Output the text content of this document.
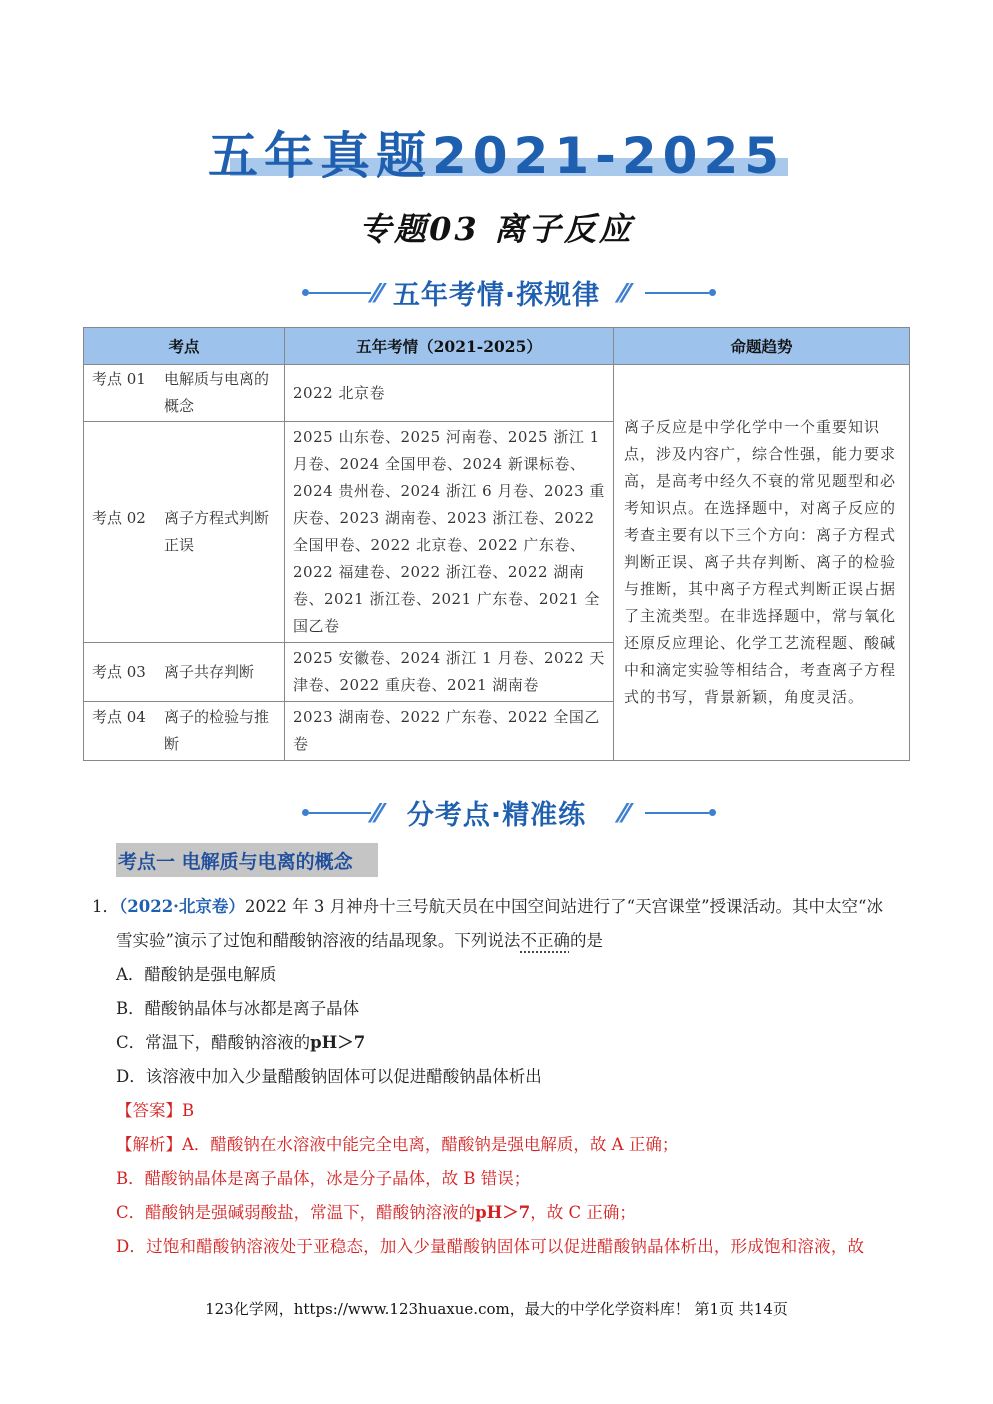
五年真题2021-2025
专题03 离子反应
⁄⁄ 五年考情·探规律 ⁄⁄
考点	五年考情（2021-2025）	命题趋势
考点 01 电解质与电离的概念	2022 北京卷	离子反应是中学化学中一个重要知识点，涉及内容广，综合性强，能力要求高，是高考中经久不衰的常见题型和必考知识点。在选择题中，对离子反应的考查主要有以下三个方向：离子方程式判断正误、离子共存判断、离子的检验与推断，其中离子方程式判断正误占据了主流类型。在非选择题中，常与氧化还原反应理论、化学工艺流程题、酸碱中和滴定实验等相结合，考查离子方程式的书写，背景新颖，角度灵活。
考点 02 离子方程式判断正误	2025 山东卷、2025 河南卷、2025 浙江 1 月卷、2024 全国甲卷、2024 新课标卷、2024 贵州卷、2024 浙江 6 月卷、2023 重庆卷、2023 湖南卷、2023 浙江卷、2022 全国甲卷、2022 北京卷、2022 广东卷、2022 福建卷、2022 浙江卷、2022 湖南卷、2021 浙江卷、2021 广东卷、2021 全国乙卷	
考点 03 离子共存判断	2025 安徽卷、2024 浙江 1 月卷、2022 天津卷、2022 重庆卷、2021 湖南卷	
考点 04 离子的检验与推断	2023 湖南卷、2022 广东卷、2022 全国乙卷	
⁄⁄ 分考点·精准练	⁄⁄
考点一 电解质与电离的概念
1．（2022·北京卷）2022 年 3 月神舟十三号航天员在中国空间站进行了“天宫课堂”授课活动。其中太空“冰
雪实验”演示了过饱和醋酸钠溶液的结晶现象。下列说法不正确的是
A．醋酸钠是强电解质
B．醋酸钠晶体与冰都是离子晶体
C．常温下，醋酸钠溶液的pH＞7
D．该溶液中加入少量醋酸钠固体可以促进醋酸钠晶体析出
【答案】B
【解析】A．醋酸钠在水溶液中能完全电离，醋酸钠是强电解质，故 A 正确；
B．醋酸钠晶体是离子晶体，冰是分子晶体，故 B 错误；
C．醋酸钠是强碱弱酸盐，常温下，醋酸钠溶液的pH＞7，故 C 正确；
D．过饱和醋酸钠溶液处于亚稳态，加入少量醋酸钠固体可以促进醋酸钠晶体析出，形成饱和溶液，故
123化学网，https://www.123huaxue.com，最大的中学化学资料库！ 第1页 共14页
